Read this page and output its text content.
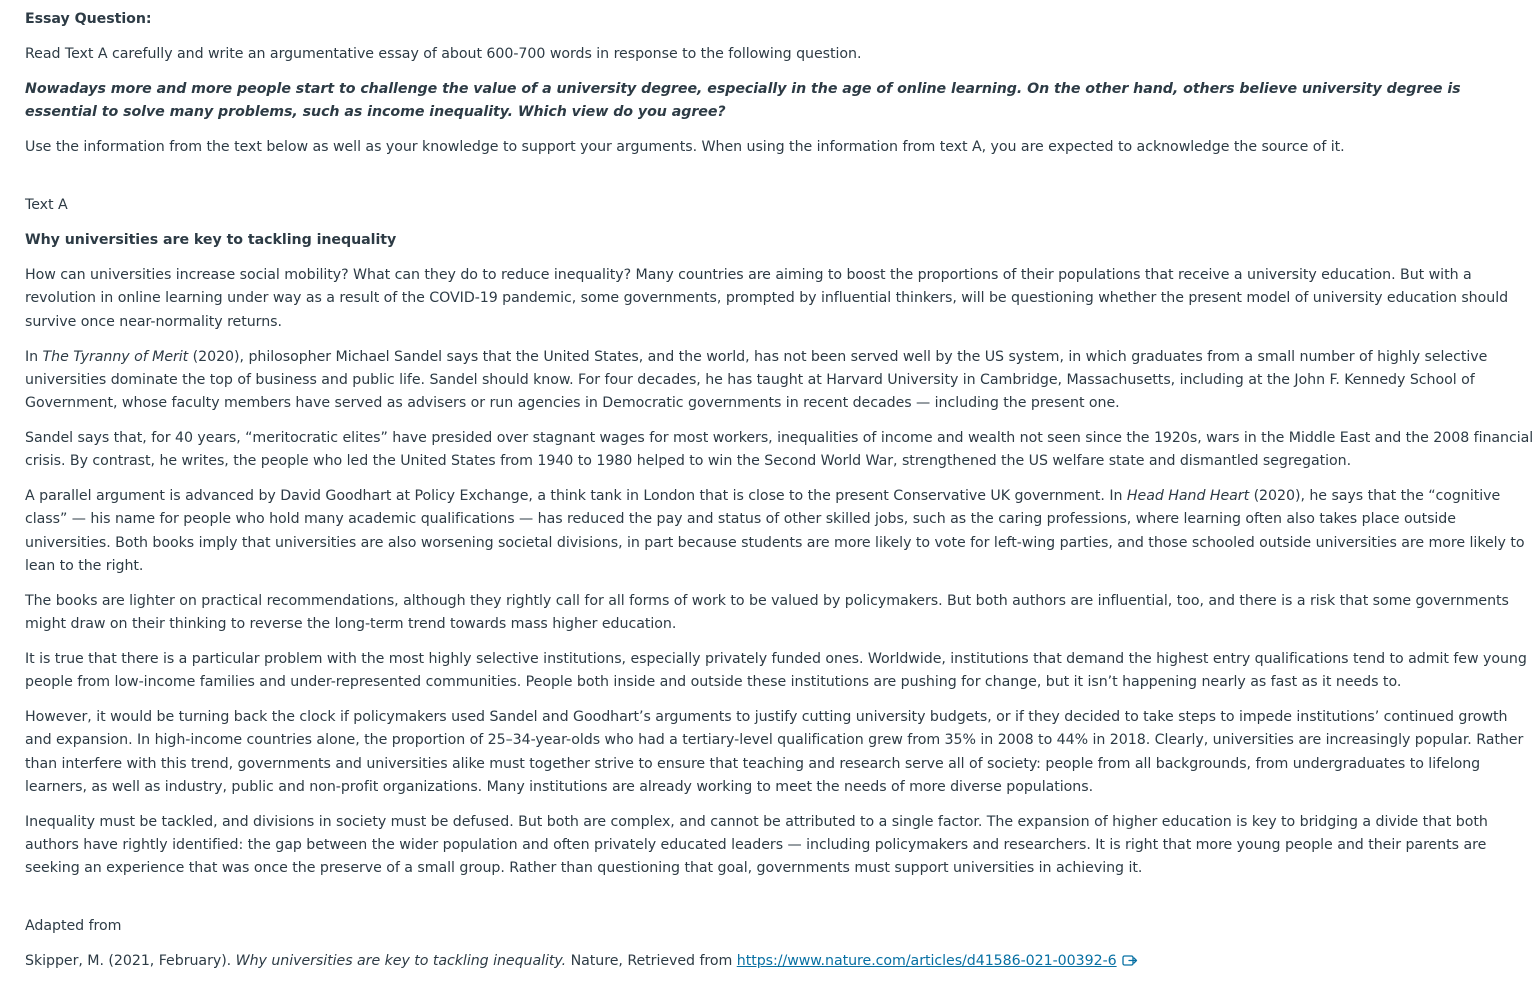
Essay Question:

Read Text A carefully and write an argumentative essay of about 600-700 words in response to the following question.

Nowadays more and more people start to challenge the value of a university degree, especially in the age of online learning. On the other hand, others believe university degree is essential to solve many problems, such as income inequality. Which view do you agree?

Use the information from the text below as well as your knowledge to support your arguments. When using the information from text A, you are expected to acknowledge the source of it.

Text A

Why universities are key to tackling inequality

How can universities increase social mobility? What can they do to reduce inequality? Many countries are aiming to boost the proportions of their populations that receive a university education. But with a revolution in online learning under way as a result of the COVID-19 pandemic, some governments, prompted by influential thinkers, will be questioning whether the present model of university education should survive once near-normality returns.

In The Tyranny of Merit (2020), philosopher Michael Sandel says that the United States, and the world, has not been served well by the US system, in which graduates from a small number of highly selective universities dominate the top of business and public life. Sandel should know. For four decades, he has taught at Harvard University in Cambridge, Massachusetts, including at the John F. Kennedy School of Government, whose faculty members have served as advisers or run agencies in Democratic governments in recent decades — including the present one.

Sandel says that, for 40 years, “meritocratic elites” have presided over stagnant wages for most workers, inequalities of income and wealth not seen since the 1920s, wars in the Middle East and the 2008 financial crisis. By contrast, he writes, the people who led the United States from 1940 to 1980 helped to win the Second World War, strengthened the US welfare state and dismantled segregation.

A parallel argument is advanced by David Goodhart at Policy Exchange, a think tank in London that is close to the present Conservative UK government. In Head Hand Heart (2020), he says that the “cognitive class” — his name for people who hold many academic qualifications — has reduced the pay and status of other skilled jobs, such as the caring professions, where learning often also takes place outside universities. Both books imply that universities are also worsening societal divisions, in part because students are more likely to vote for left-wing parties, and those schooled outside universities are more likely to lean to the right.

The books are lighter on practical recommendations, although they rightly call for all forms of work to be valued by policymakers. But both authors are influential, too, and there is a risk that some governments might draw on their thinking to reverse the long-term trend towards mass higher education.

It is true that there is a particular problem with the most highly selective institutions, especially privately funded ones. Worldwide, institutions that demand the highest entry qualifications tend to admit few young people from low-income families and under-represented communities. People both inside and outside these institutions are pushing for change, but it isn’t happening nearly as fast as it needs to.

However, it would be turning back the clock if policymakers used Sandel and Goodhart’s arguments to justify cutting university budgets, or if they decided to take steps to impede institutions’ continued growth and expansion. In high-income countries alone, the proportion of 25–34-year-olds who had a tertiary-level qualification grew from 35% in 2008 to 44% in 2018. Clearly, universities are increasingly popular. Rather than interfere with this trend, governments and universities alike must together strive to ensure that teaching and research serve all of society: people from all backgrounds, from undergraduates to lifelong learners, as well as industry, public and non-profit organizations. Many institutions are already working to meet the needs of more diverse populations.

Inequality must be tackled, and divisions in society must be defused. But both are complex, and cannot be attributed to a single factor. The expansion of higher education is key to bridging a divide that both authors have rightly identified: the gap between the wider population and often privately educated leaders — including policymakers and researchers. It is right that more young people and their parents are seeking an experience that was once the preserve of a small group. Rather than questioning that goal, governments must support universities in achieving it.

Adapted from

Skipper, M. (2021, February). Why universities are key to tackling inequality. Nature, Retrieved from https://www.nature.com/articles/d41586-021-00392-6
